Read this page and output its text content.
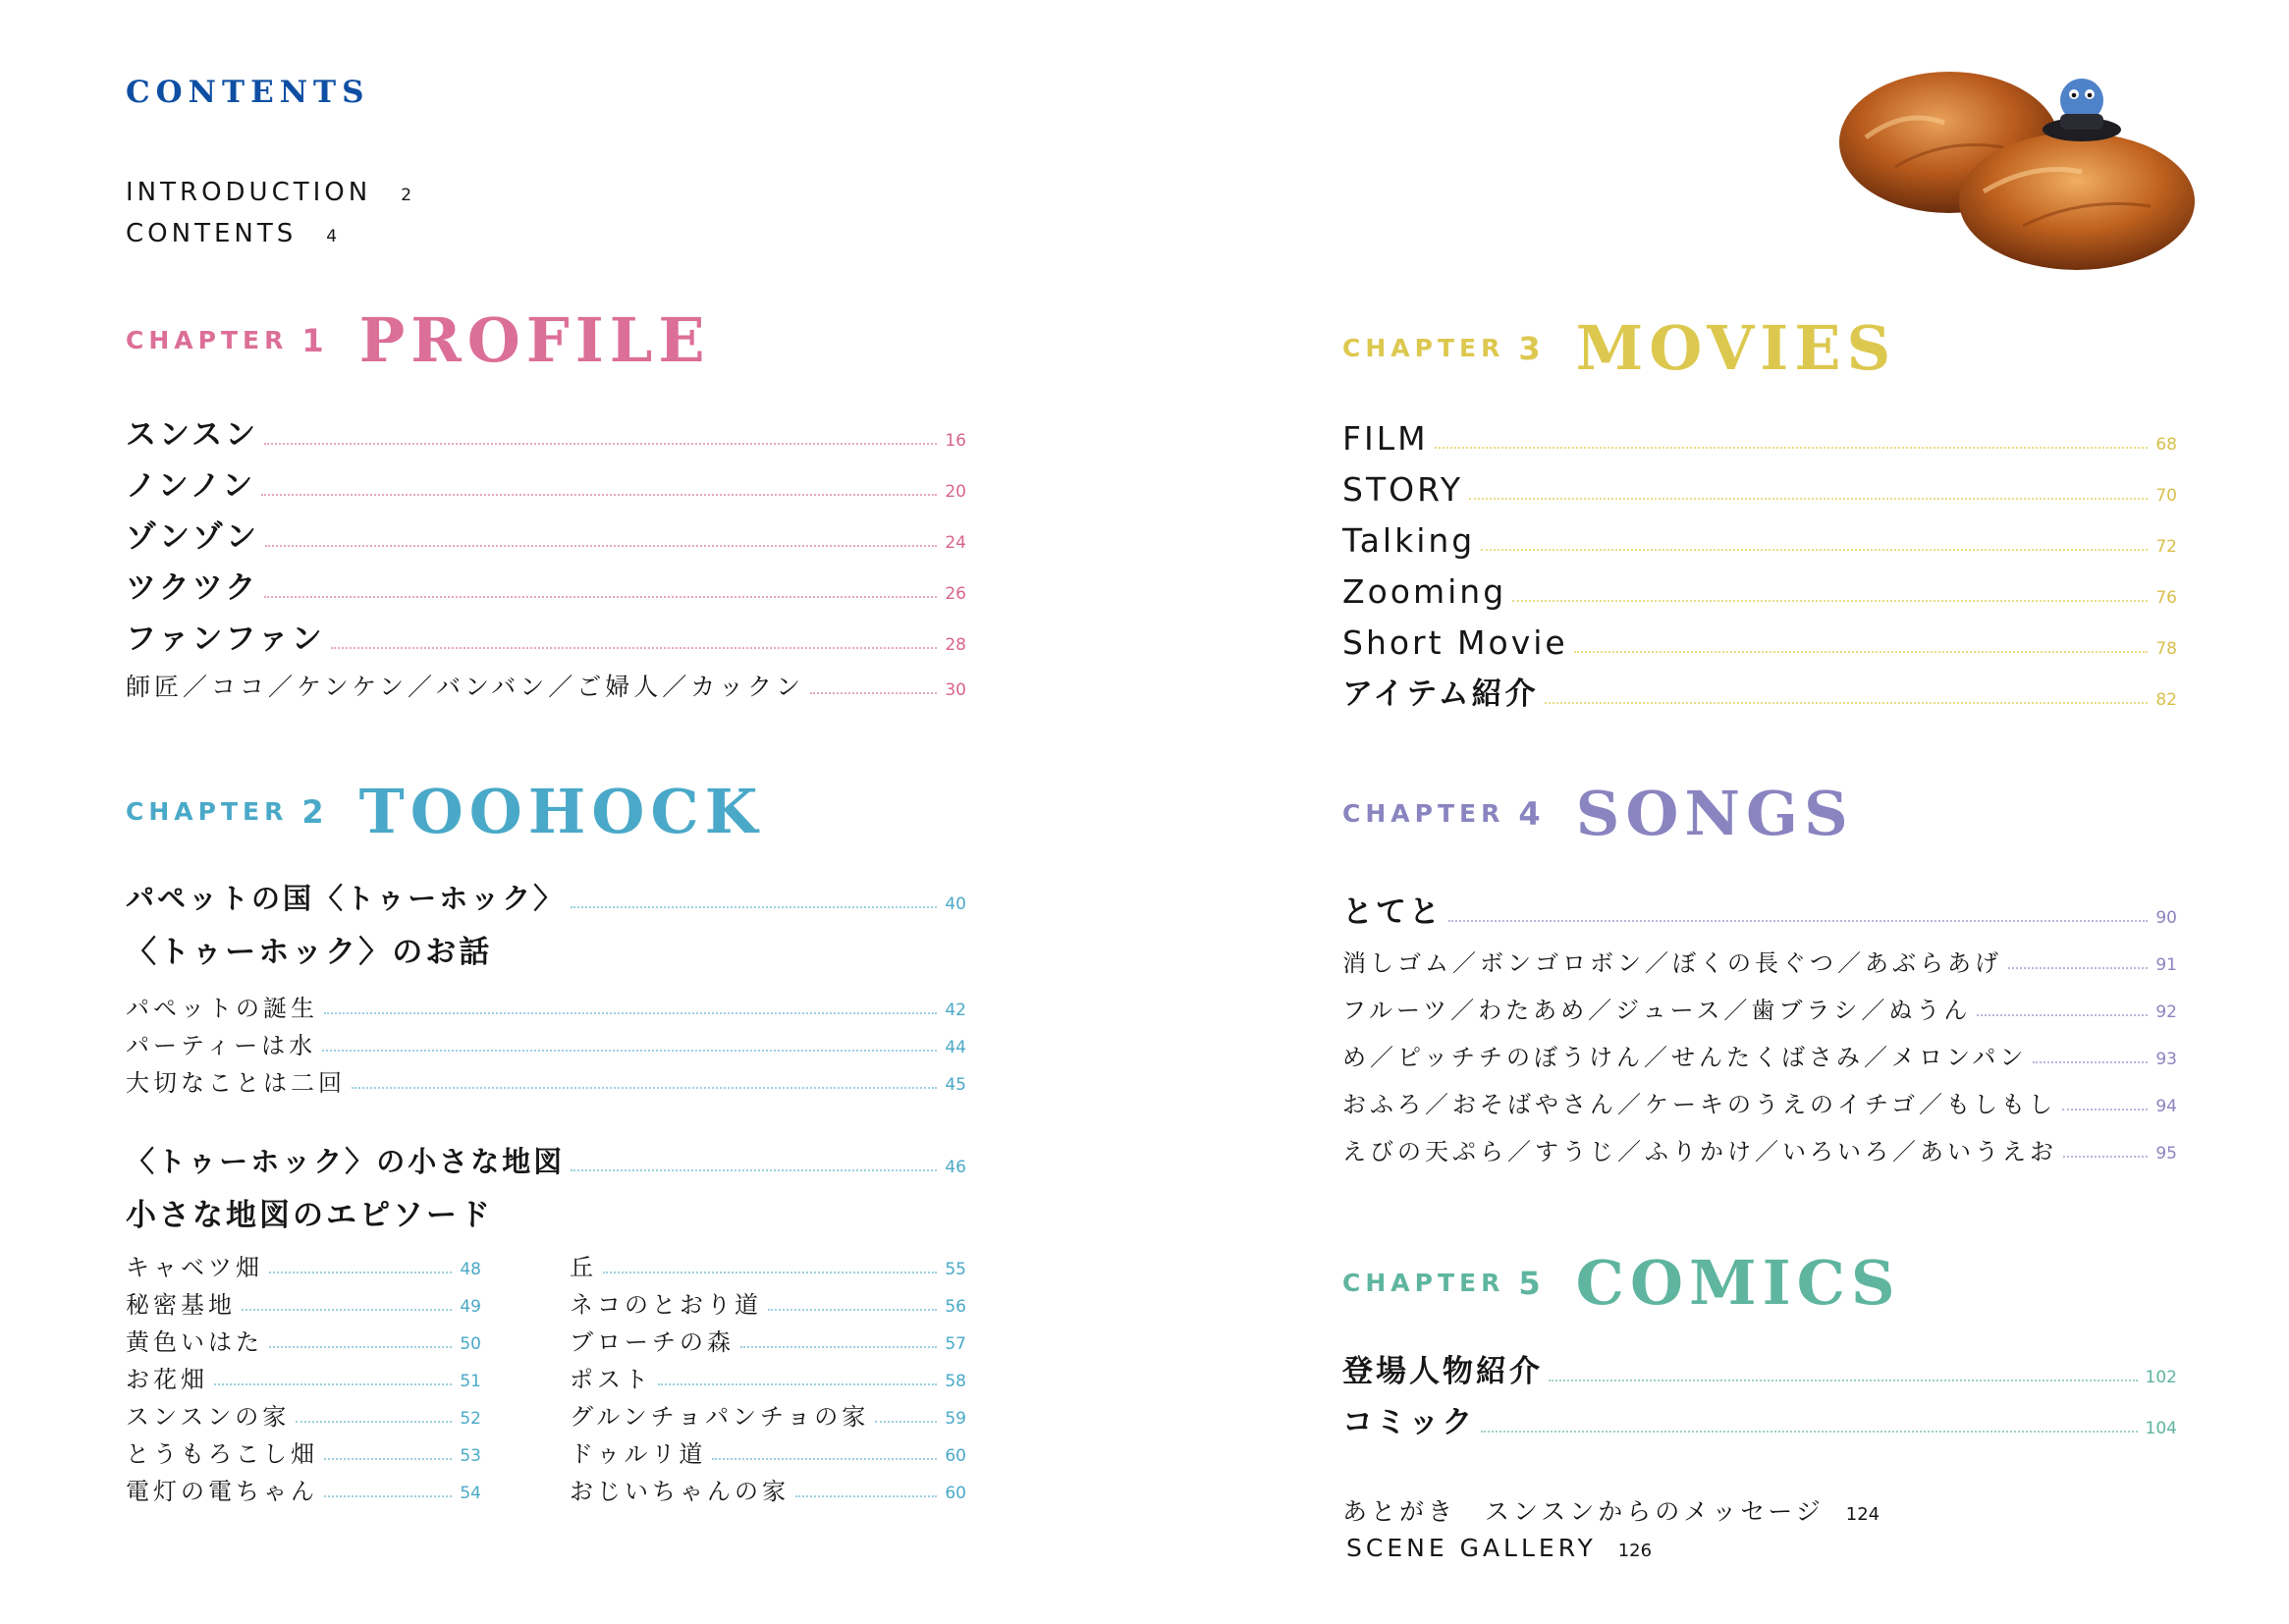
CONTENTS
INTRODUCTION 2
CONTENTS 4
CHAPTER 1 PROFILE
スンスン	16
ノンノン	20
ゾンゾン	24
ツクツク	26
ファンファン	28
師匠／ココ／ケンケン／バンバン／ご婦人／カックン	30
CHAPTER 2 TOOHOCK
パペットの国〈トゥーホック〉	40
〈トゥーホック〉のお話
パペットの誕生	42
パーティーは水	44
大切なことは二回	45
〈トゥーホック〉の小さな地図	46
小さな地図のエピソード
キャベツ畑	48
秘密基地	49
黄色いはた	50
お花畑	51
スンスンの家	52
とうもろこし畑	53
電灯の電ちゃん	54
丘	55
ネコのとおり道	56
ブローチの森	57
ポスト	58
グルンチョパンチョの家	59
ドゥルリ道	60
おじいちゃんの家	60
CHAPTER 3 MOVIES
FILM	68
STORY	70
Talking	72
Zooming	76
Short Movie	78
アイテム紹介	82
CHAPTER 4 SONGS
とてと	90
消しゴム／ボンゴロボン／ぼくの長ぐつ／あぶらあげ	91
フルーツ／わたあめ／ジュース／歯ブラシ／ぬうん	92
め／ピッチチのぼうけん／せんたくばさみ／メロンパン	93
おふろ／おそばやさん／ケーキのうえのイチゴ／もしもし	94
えびの天ぷら／すうじ／ふりかけ／いろいろ／あいうえお	95
CHAPTER 5 COMICS
登場人物紹介	102
コミック	104
あとがき　スンスンからのメッセージ 124
SCENE GALLERY 126
